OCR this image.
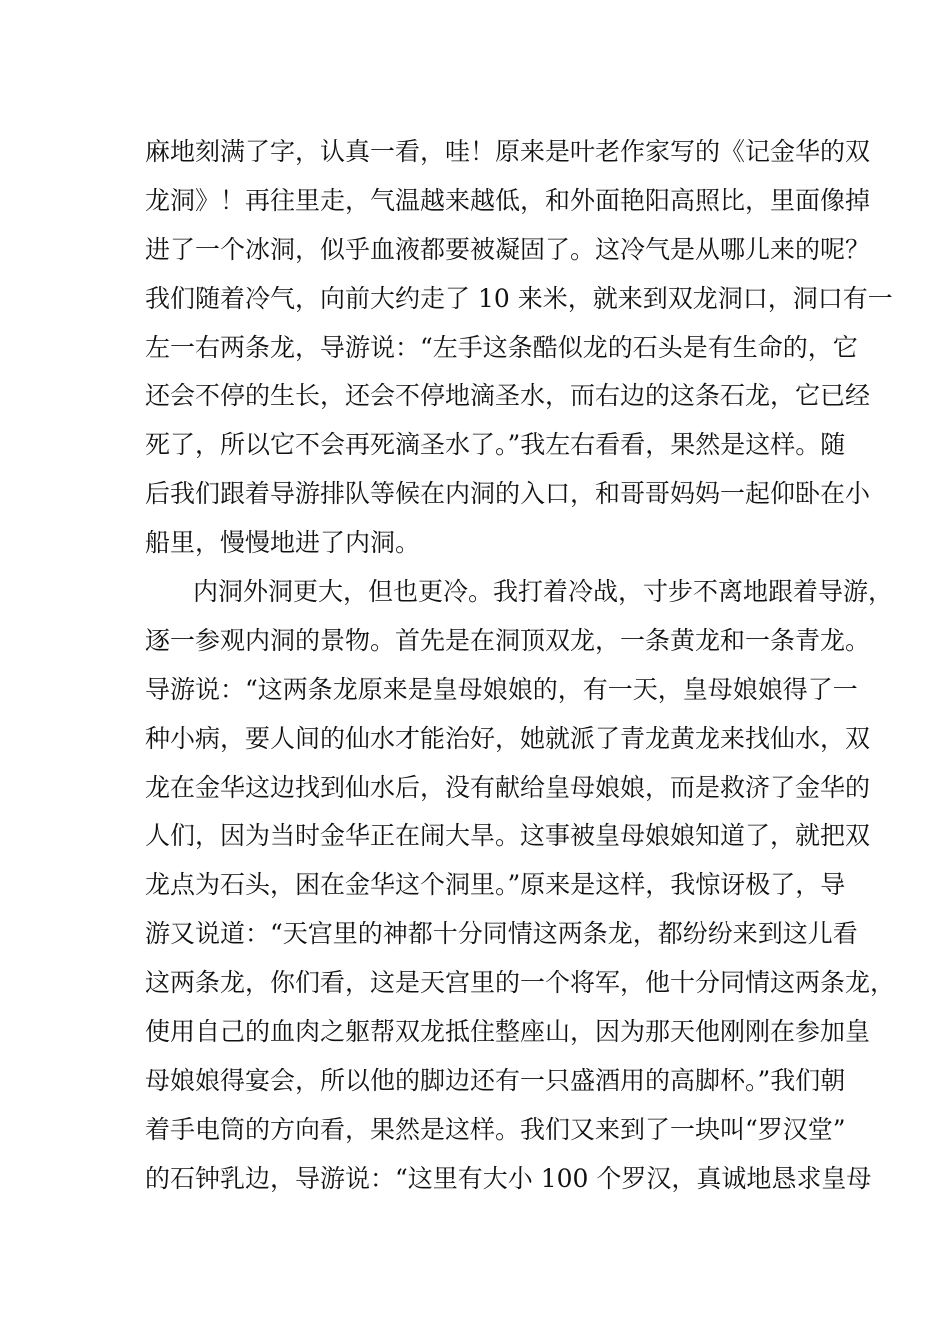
麻地刻满了字，认真一看，哇！原来是叶老作家写的《记金华的双
龙洞》！再往里走，气温越来越低，和外面艳阳高照比，里面像掉
进了一个冰洞，似乎血液都要被凝固了。这冷气是从哪儿来的呢？
我们随着冷气，向前大约走了 10 来米，就来到双龙洞口，洞口有一
左一右两条龙，导游说：“左手这条酷似龙的石头是有生命的，它
还会不停的生长，还会不停地滴圣水，而右边的这条石龙，它已经
死了，所以它不会再死滴圣水了。”我左右看看，果然是这样。随
后我们跟着导游排队等候在内洞的入口，和哥哥妈妈一起仰卧在小
船里，慢慢地进了内洞。
内洞外洞更大，但也更冷。我打着冷战，寸步不离地跟着导游，
逐一参观内洞的景物。首先是在洞顶双龙，一条黄龙和一条青龙。
导游说：“这两条龙原来是皇母娘娘的，有一天，皇母娘娘得了一
种小病，要人间的仙水才能治好，她就派了青龙黄龙来找仙水，双
龙在金华这边找到仙水后，没有献给皇母娘娘，而是救济了金华的
人们，因为当时金华正在闹大旱。这事被皇母娘娘知道了，就把双
龙点为石头，困在金华这个洞里。”原来是这样，我惊讶极了，导
游又说道：“天宫里的神都十分同情这两条龙，都纷纷来到这儿看
这两条龙，你们看，这是天宫里的一个将军，他十分同情这两条龙，
使用自己的血肉之躯帮双龙抵住整座山，因为那天他刚刚在参加皇
母娘娘得宴会，所以他的脚边还有一只盛酒用的高脚杯。”我们朝
着手电筒的方向看，果然是这样。我们又来到了一块叫“罗汉堂”
的石钟乳边，导游说：“这里有大小 100 个罗汉，真诚地恳求皇母
